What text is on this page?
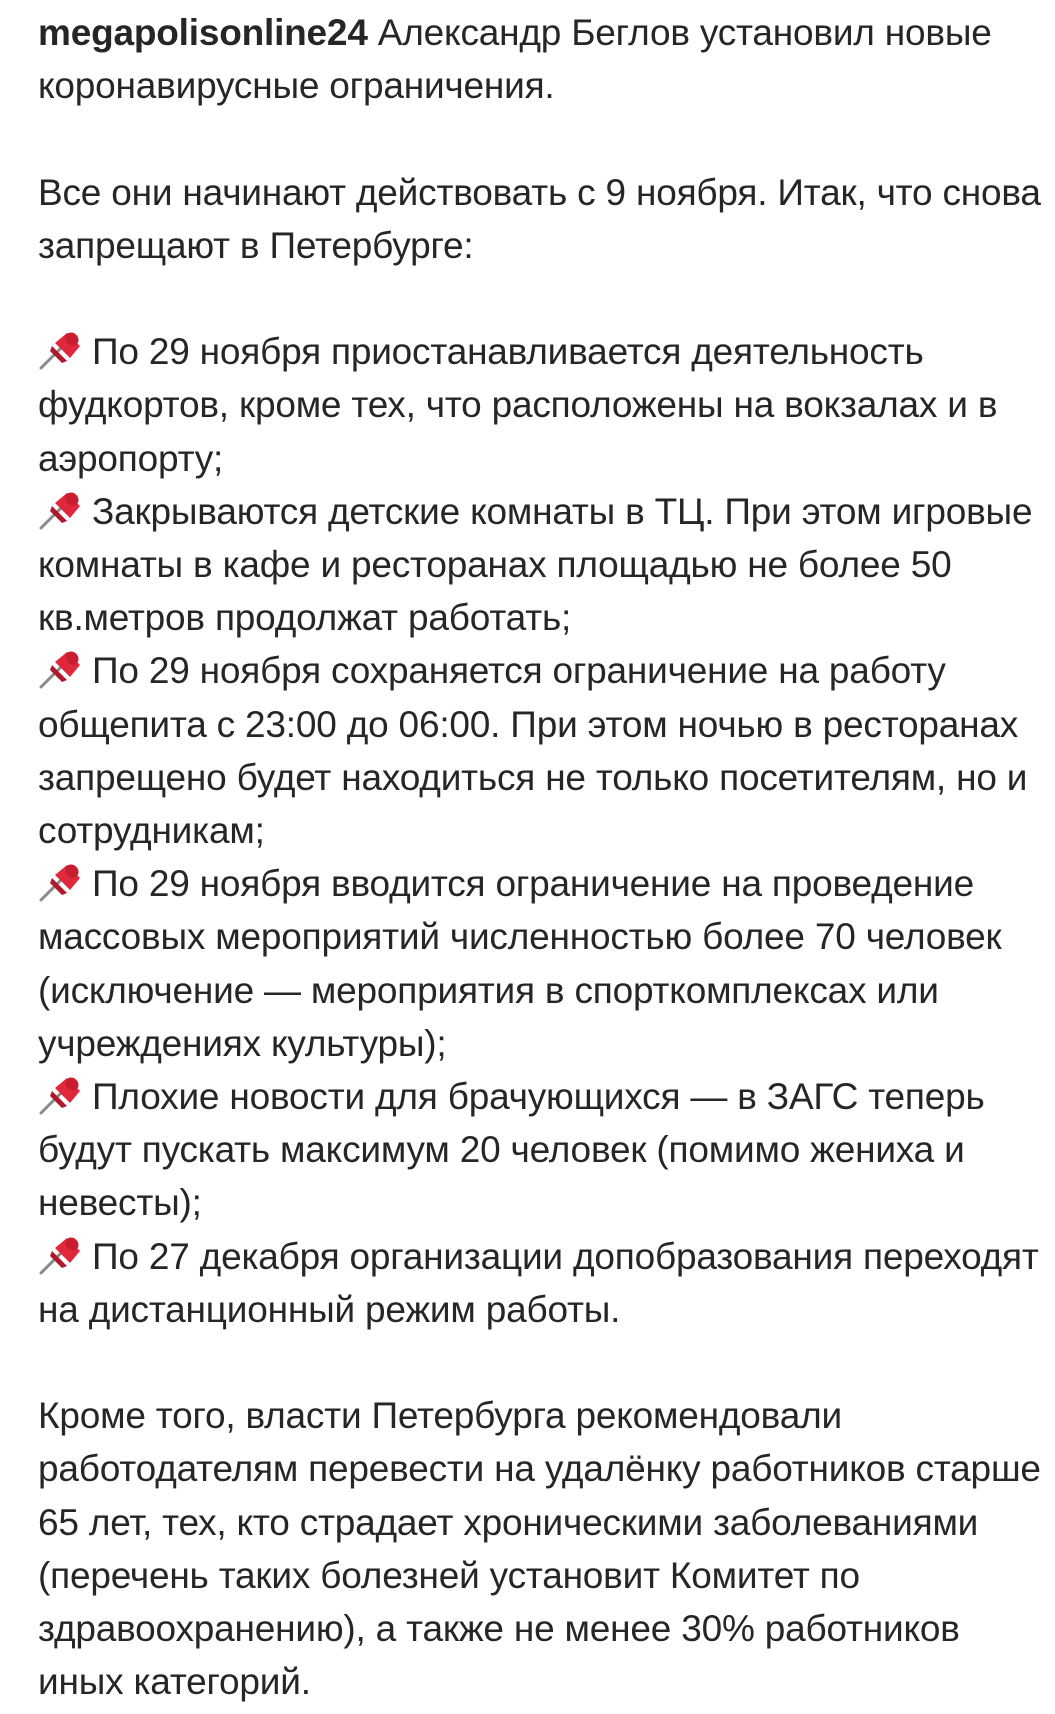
megapolisonline24 Александр Беглов установил новые коронавирусные ограничения.

Все они начинают действовать с 9 ноября. Итак, что снова запрещают в Петербурге:

По 29 ноября приостанавливается деятельность фудкортов, кроме тех, что расположены на вокзалах и в аэропорту;

Закрываются детские комнаты в ТЦ. При этом игровые комнаты в кафе и ресторанах площадью не более 50 кв.метров продолжат работать;

По 29 ноября сохраняется ограничение на работу общепита с 23:00 до 06:00. При этом ночью в ресторанах запрещено будет находиться не только посетителям, но и сотрудникам;

По 29 ноября вводится ограничение на проведение массовых мероприятий численностью более 70 человек (исключение — мероприятия в спорткомплексах или учреждениях культуры);

Плохие новости для брачующихся — в ЗАГС теперь будут пускать максимум 20 человек (помимо жениха и невесты);

По 27 декабря организации допобразования переходят на дистанционный режим работы.

Кроме того, власти Петербурга рекомендовали работодателям перевести на удалёнку работников старше 65 лет, тех, кто страдает хроническими заболеваниями (перечень таких болезней установит Комитет по здравоохранению), а также не менее 30% работников иных категорий.
